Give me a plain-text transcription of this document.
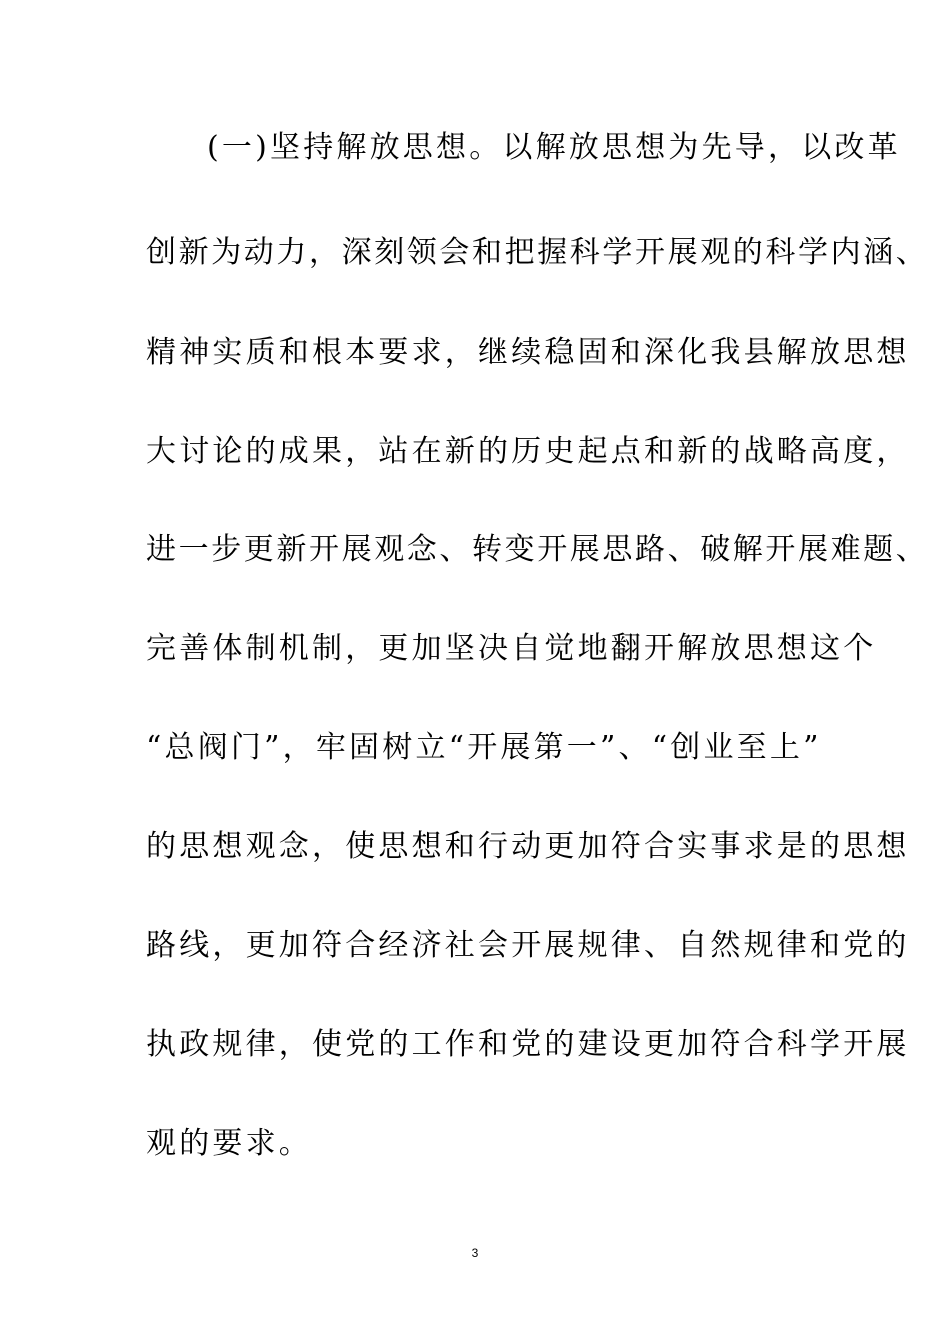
(一)坚持解放思想。以解放思想为先导，以改革
创新为动力，深刻领会和把握科学开展观的科学内涵、
精神实质和根本要求，继续稳固和深化我县解放思想
大讨论的成果，站在新的历史起点和新的战略高度，
进一步更新开展观念、转变开展思路、破解开展难题、
完善体制机制，更加坚决自觉地翻开解放思想这个
“总阀门”，牢固树立“开展第一”、“创业至上”
的思想观念，使思想和行动更加符合实事求是的思想
路线，更加符合经济社会开展规律、自然规律和党的
执政规律，使党的工作和党的建设更加符合科学开展
观的要求。
3
